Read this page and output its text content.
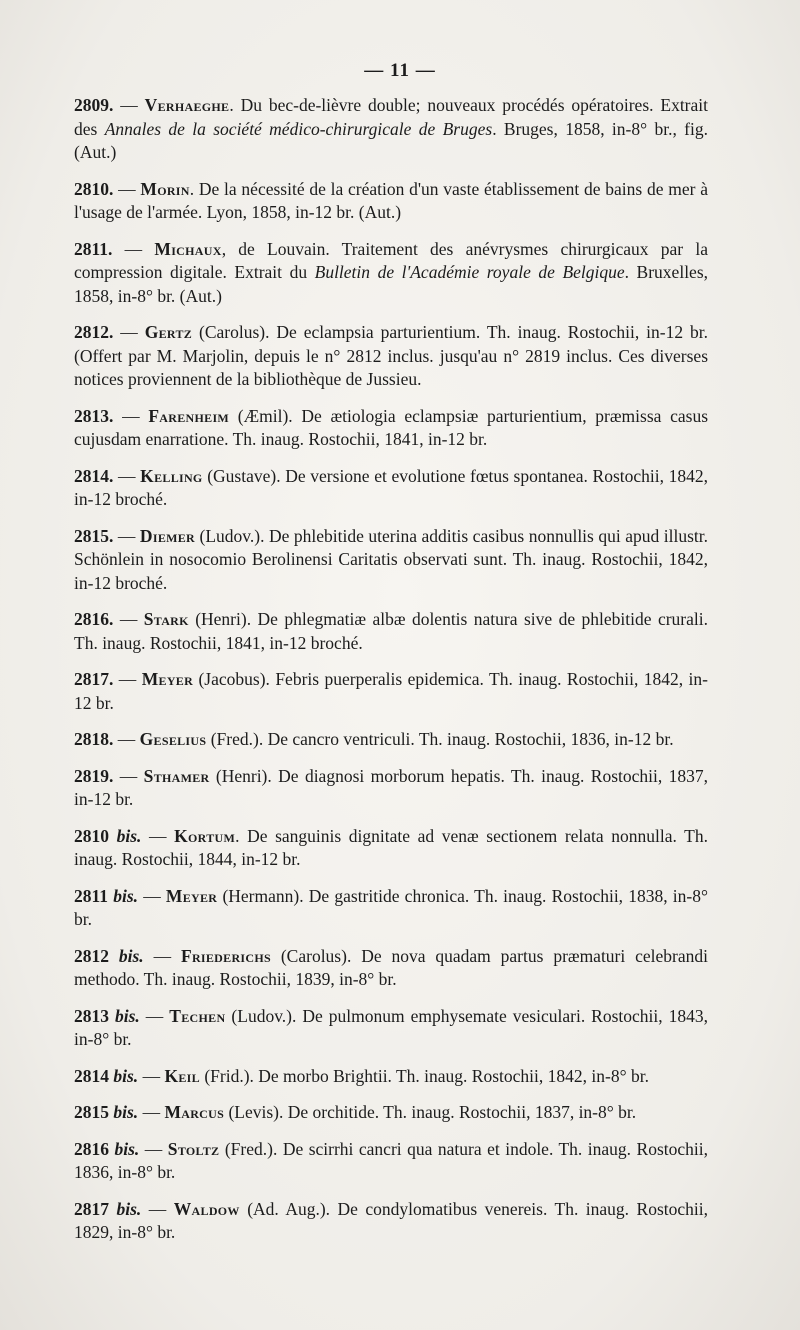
— 11 —

2809. — Verhaeghe. Du bec-de-lièvre double; nouveaux procédés opératoires. Extrait des Annales de la société médico-chirurgicale de Bruges. Bruges, 1858, in-8° br., fig. (Aut.)

2810. — Morin. De la nécessité de la création d'un vaste établissement de bains de mer à l'usage de l'armée. Lyon, 1858, in-12 br. (Aut.)

2811. — Michaux, de Louvain. Traitement des anévrysmes chirurgicaux par la compression digitale. Extrait du Bulletin de l'Académie royale de Belgique. Bruxelles, 1858, in-8° br. (Aut.)

2812. — Gertz (Carolus). De eclampsia parturientium. Th. inaug. Rostochii, in-12 br. (Offert par M. Marjolin, depuis le n° 2812 inclus. jusqu'au n° 2819 inclus. Ces diverses notices proviennent de la bibliothèque de Jussieu.

2813. — Farenheim (Æmil). De ætiologia eclampsiæ parturientium, præmissa casus cujusdam enarratione. Th. inaug. Rostochii, 1841, in-12 br.

2814. — Kelling (Gustave). De versione et evolutione fœtus spontanea. Rostochii, 1842, in-12 broché.

2815. — Diemer (Ludov.). De phlebitide uterina additis casibus nonnullis qui apud illustr. Schönlein in nosocomio Berolinensi Caritatis observati sunt. Th. inaug. Rostochii, 1842, in-12 broché.

2816. — Stark (Henri). De phlegmatiæ albæ dolentis natura sive de phlebitide crurali. Th. inaug. Rostochii, 1841, in-12 broché.

2817. — Meyer (Jacobus). Febris puerperalis epidemica. Th. inaug. Rostochii, 1842, in-12 br.

2818. — Geselius (Fred.). De cancro ventriculi. Th. inaug. Rostochii, 1836, in-12 br.

2819. — Sthamer (Henri). De diagnosi morborum hepatis. Th. inaug. Rostochii, 1837, in-12 br.

2810 bis. — Kortum. De sanguinis dignitate ad venæ sectionem relata nonnulla. Th. inaug. Rostochii, 1844, in-12 br.

2811 bis. — Meyer (Hermann). De gastritide chronica. Th. inaug. Rostochii, 1838, in-8° br.

2812 bis. — Friederichs (Carolus). De nova quadam partus præmaturi celebrandi methodo. Th. inaug. Rostochii, 1839, in-8° br.

2813 bis. — Techen (Ludov.). De pulmonum emphysemate vesiculari. Rostochii, 1843, in-8° br.

2814 bis. — Keil (Frid.). De morbo Brightii. Th. inaug. Rostochii, 1842, in-8° br.

2815 bis. — Marcus (Levis). De orchitide. Th. inaug. Rostochii, 1837, in-8° br.

2816 bis. — Stoltz (Fred.). De scirrhi cancri qua natura et indole. Th. inaug. Rostochii, 1836, in-8° br.

2817 bis. — Waldow (Ad. Aug.). De condylomatibus venereis. Th. inaug. Rostochii, 1829, in-8° br.
